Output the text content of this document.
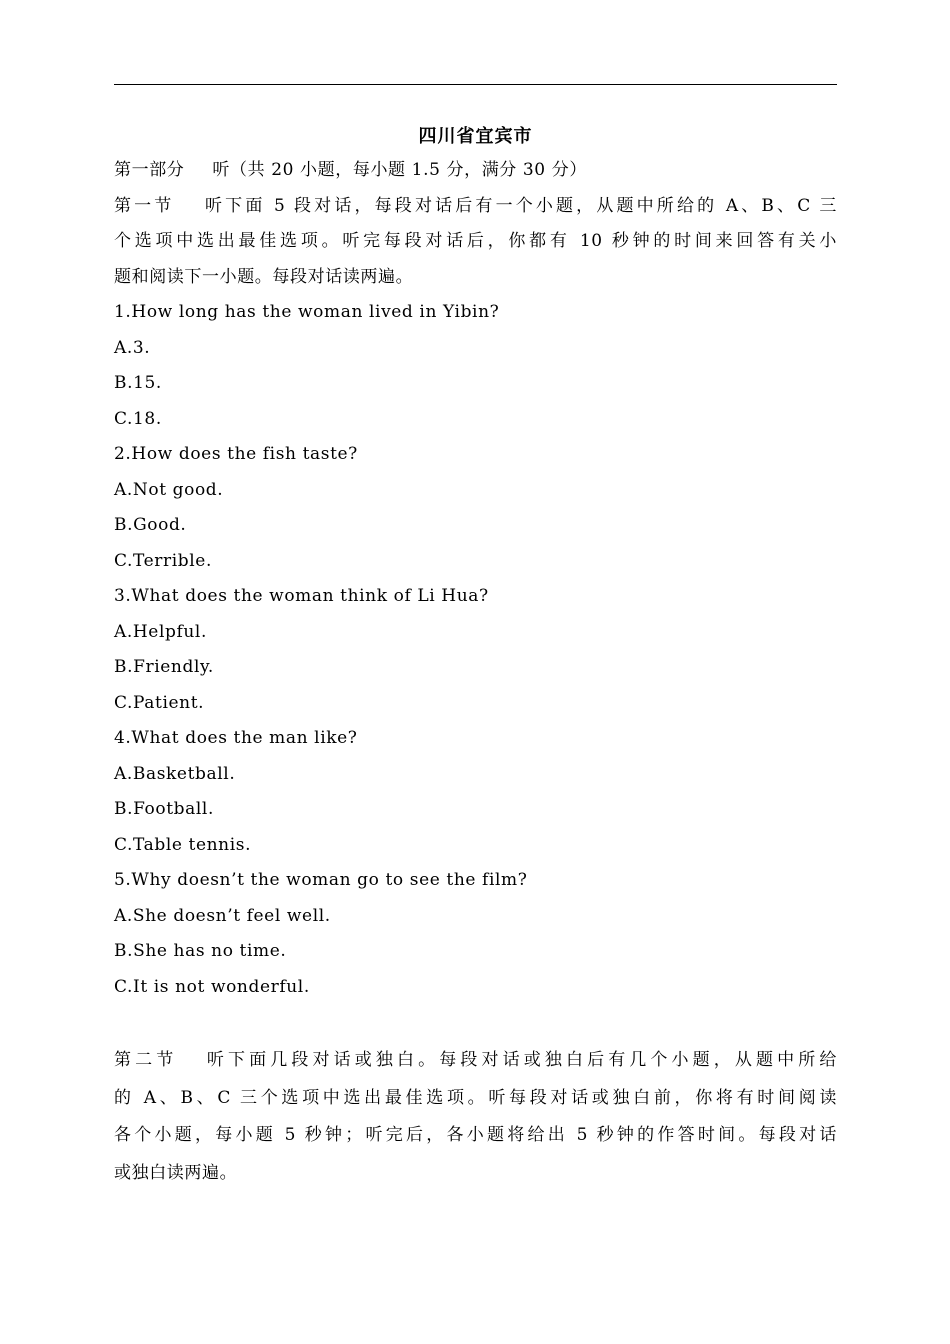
四川省宜宾市
第一部分 听（共 20 小题，每小题 1.5 分，满分 30 分）
第一节 听下面 5 段对话，每段对话后有一个小题，从题中所给的 A、B、C 三
个选项中选出最佳选项。听完每段对话后，你都有 10 秒钟的时间来回答有关小
题和阅读下一小题。每段对话读两遍。
1.How long has the woman lived in Yibin?
A.3.
B.15.
C.18.
2.How does the fish taste?
A.Not good.
B.Good.
C.Terrible.
3.What does the woman think of Li Hua?
A.Helpful.
B.Friendly.
C.Patient.
4.What does the man like?
A.Basketball.
B.Football.
C.Table tennis.
5.Why doesn’t the woman go to see the film?
A.She doesn’t feel well.
B.She has no time.
C.It is not wonderful.
第二节 听下面几段对话或独白。每段对话或独白后有几个小题，从题中所给
的 A、B、C 三个选项中选出最佳选项。听每段对话或独白前，你将有时间阅读
各个小题，每小题 5 秒钟；听完后，各小题将给出 5 秒钟的作答时间。每段对话
或独白读两遍。
